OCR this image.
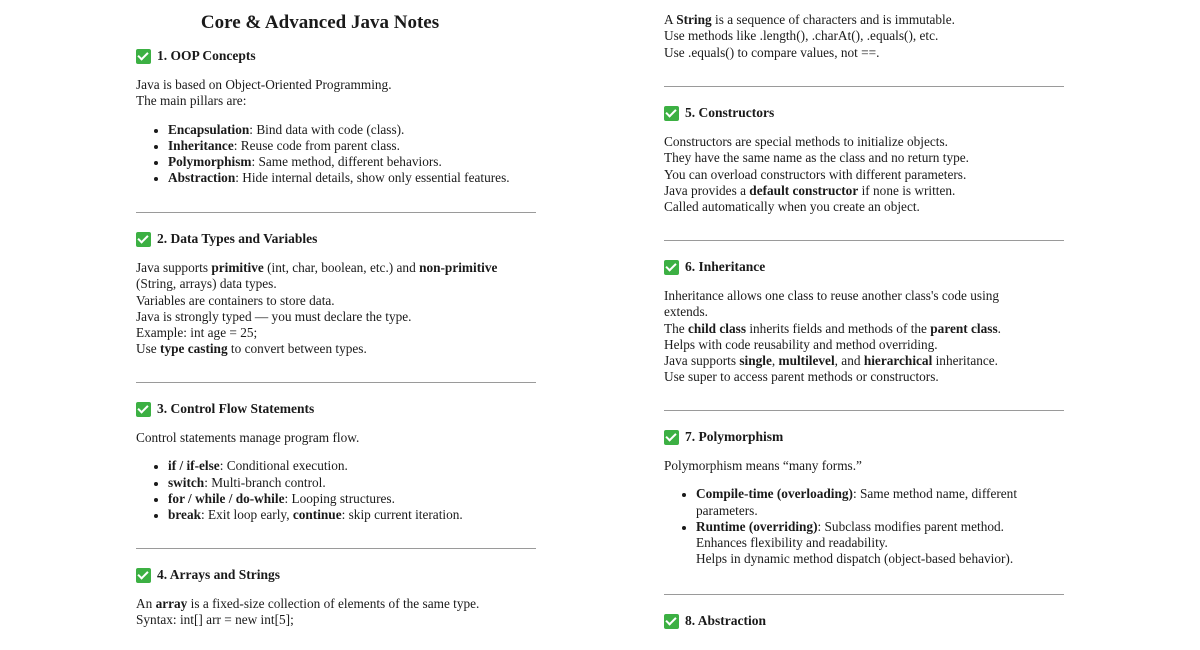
Core & Advanced Java Notes
1. OOP Concepts

Java is based on Object-Oriented Programming.

The main pillars are:

Encapsulation: Bind data with code (class).
Inheritance: Reuse code from parent class.
Polymorphism: Same method, different behaviors.
Abstraction: Hide internal details, show only essential features.
2. Data Types and Variables

Java supports primitive (int, char, boolean, etc.) and non-primitive

(String, arrays) data types.

Variables are containers to store data.

Java is strongly typed — you must declare the type.

Example: int age = 25;

Use type casting to convert between types.

3. Control Flow Statements

Control statements manage program flow.

if / if-else: Conditional execution.
switch: Multi-branch control.
for / while / do-while: Looping structures.
break: Exit loop early, continue: skip current iteration.
4. Arrays and Strings

An array is a fixed-size collection of elements of the same type.

Syntax: int[] arr = new int[5];

A String is a sequence of characters and is immutable.

Use methods like .length(), .charAt(), .equals(), etc.

Use .equals() to compare values, not ==.

5. Constructors

Constructors are special methods to initialize objects.

They have the same name as the class and no return type.

You can overload constructors with different parameters.

Java provides a default constructor if none is written.

Called automatically when you create an object.

6. Inheritance

Inheritance allows one class to reuse another class's code using

extends.

The child class inherits fields and methods of the parent class.

Helps with code reusability and method overriding.

Java supports single, multilevel, and hierarchical inheritance.

Use super to access parent methods or constructors.

7. Polymorphism

Polymorphism means “many forms.”

Compile-time (overloading): Same method name, different parameters.
Runtime (overriding): Subclass modifies parent method.
Enhances flexibility and readability.
Helps in dynamic method dispatch (object-based behavior).
8. Abstraction
